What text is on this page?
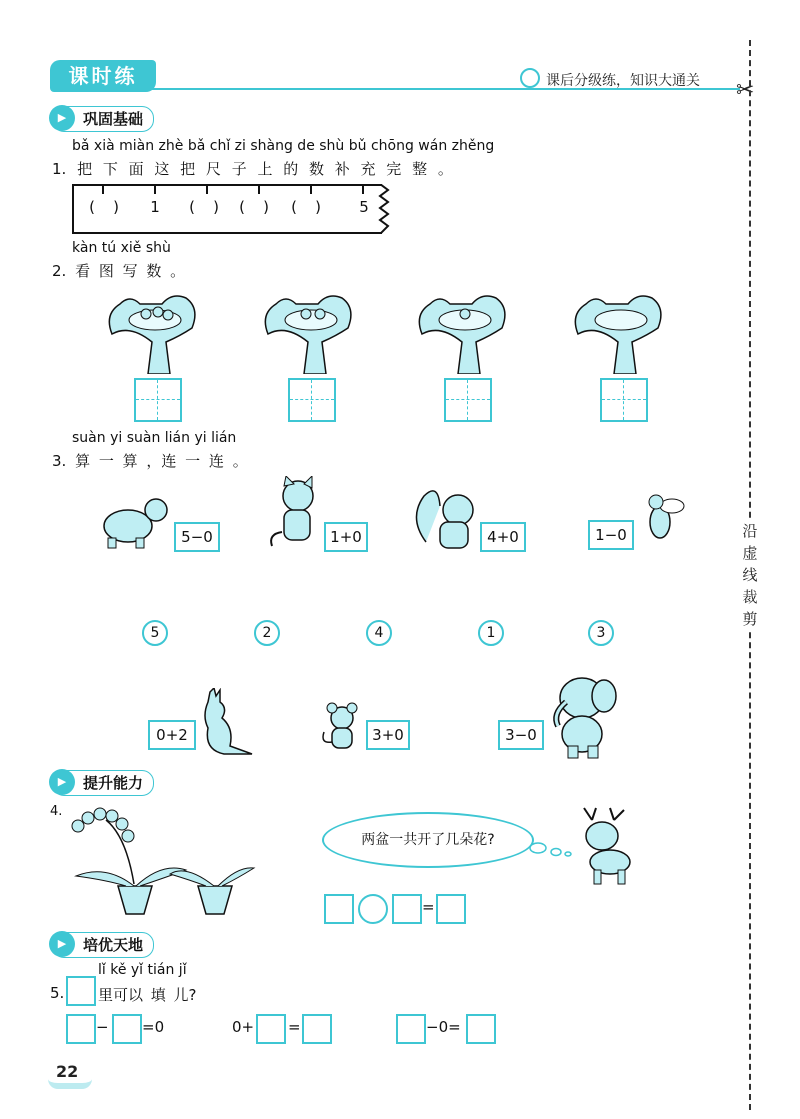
课时练	课后分级练，知识大通关 ✂
沿虚线裁剪
▶	巩固基础
bǎ xià miàn zhè bǎ chǐ zi shàng de shù bǔ chōng wán zhěng
1. 把 下 面 这 把 尺 子 上 的 数 补 充 完 整 。
(	)	1	(	)	(	)	(	)	5
kàn tú xiě shù
2. 看 图 写 数 。
suàn yi suàn lián yi lián
3. 算 一 算 ，连 一 连 。
5−0	1+0	4+0	1−0
5	2	4	1	3
0+2	3+0	3−0
▶	提升能力
4.
两盆一共开了几朵花?
=
▶	培优天地
lǐ kě yǐ tián jǐ
5. 里可以 填 儿?
− =0	0+ =	−0=
22
